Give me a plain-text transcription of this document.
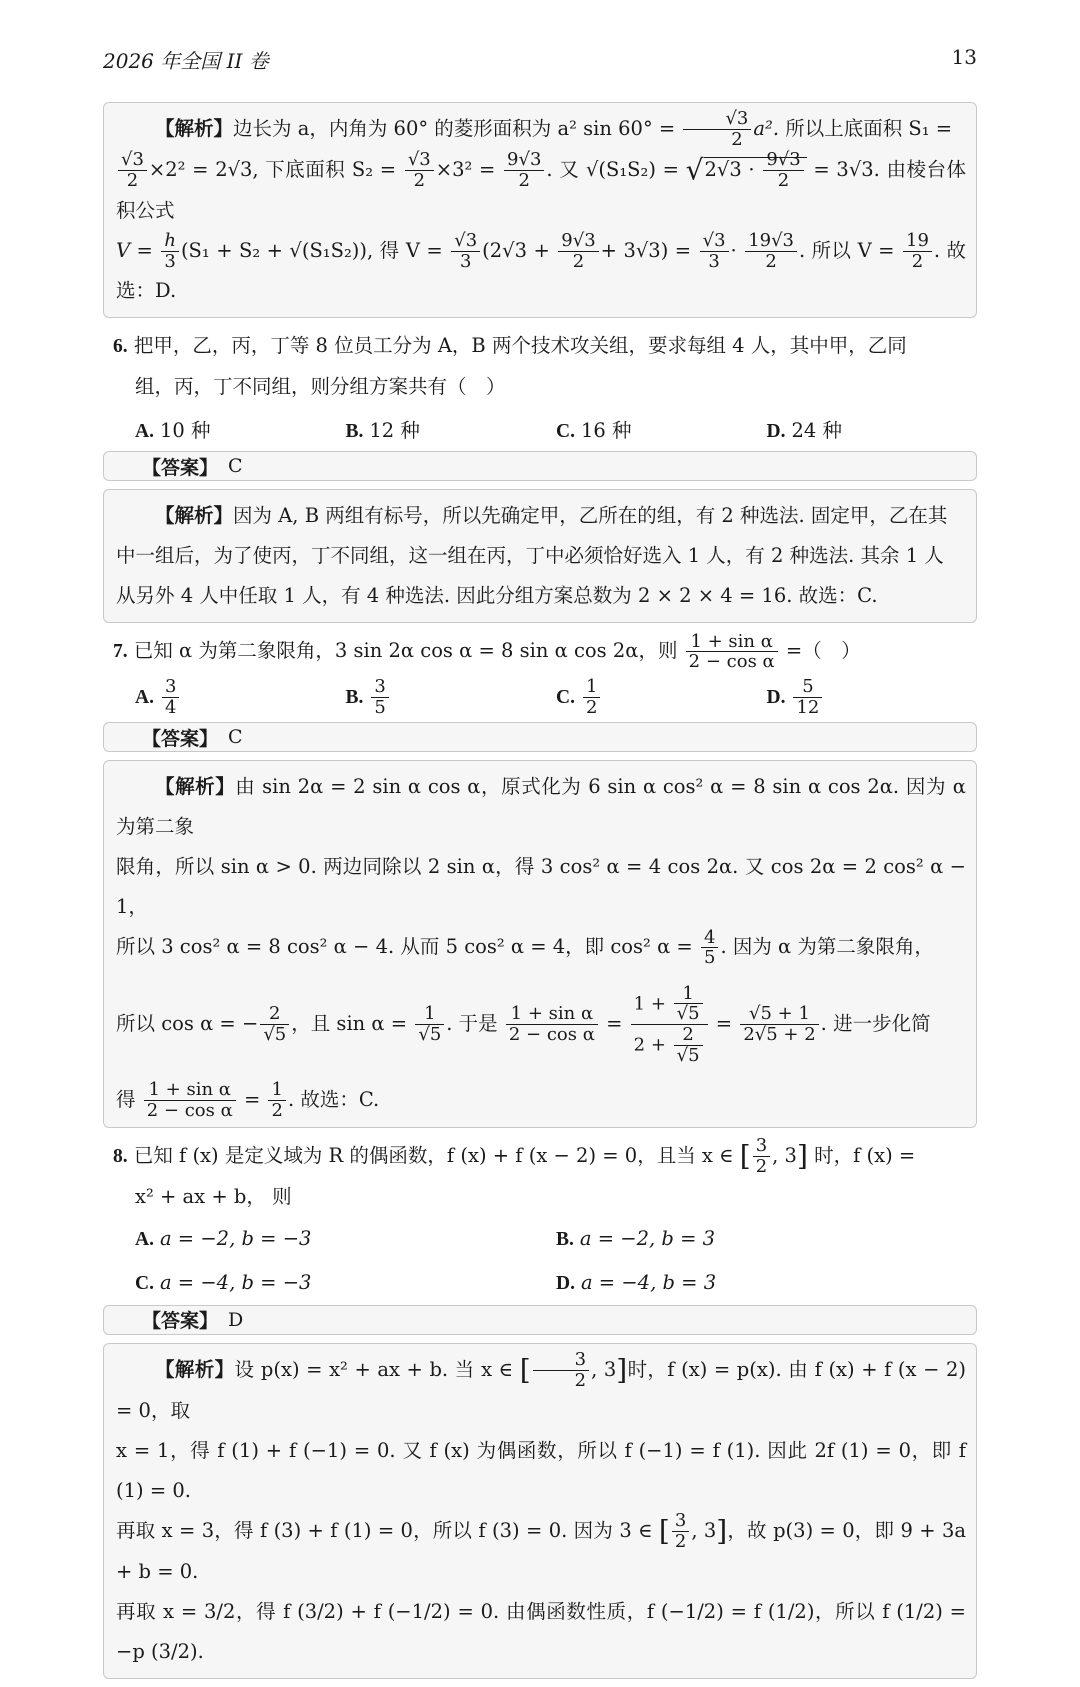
2026 年全国 II 卷	13
【解析】边长为 a，内角为 60° 的菱形面积为 a² $\sin 60^\circ = \frac{√3}{2} a^2$. 所以上底面积 S₁ =
$\frac{√3}{2} \times 2^2 = 2√3$, 下底面积 $S_2 = \frac{√3}{2} \times 3^2 = \frac{9√3}{2}$ . 又 $√(S_1S_2) = √2√3 \cdot \frac{9√3}{2} = 3√3$. 由棱台体积公式
$V = \frac{h}{3} (S_1 + S_2 + √(S_1S_2))$, 得 $V = \frac{√3}{3} (2√3 + \frac{9√3}{2} + 3√3) = \frac{√3}{3} \cdot \frac{19√3}{2}$ . 所以 $V = \frac{19}{2}$ . 故选：D.
6. 把甲，乙，丙，丁等 8 位员工分为 A，B 两个技术攻关组，要求每组 4 人，其中甲，乙同
组，丙，丁不同组，则分组方案共有（　）
A. 10 种	B. 12 种	C. 16 种	D. 24 种
【答案】 C
【解析】因为 A, B 两组有标号，所以先确定甲，乙所在的组，有 2 种选法. 固定甲，乙在其
中一组后，为了使丙，丁不同组，这一组在丙，丁中必须恰好选入 1 人，有 2 种选法. 其余 1 人
从另外 4 人中任取 1 人，有 4 种选法. 因此分组方案总数为 2 × 2 × 4 = 16. 故选：C.
7. 已知 α 为第二象限角，3 sin 2α cos α = 8 sin α cos 2α，则 $\frac{\text{1 + sin α}}{\text{2 − cos α}}$ =（　）
A. $\frac{3}{4}$	B. $\frac{3}{5}$	C. $\frac{1}{2}$	D. $\frac{5}{12}$
【答案】 C
【解析】由 sin 2α = 2 sin α cos α，原式化为 6 sin α cos² α = 8 sin α cos 2α. 因为 α 为第二象
限角，所以 sin α > 0. 两边同除以 2 sin α，得 3 cos² α = 4 cos 2α. 又 cos 2α = 2 cos² α − 1，
所以 3 cos² α = 8 cos² α − 4. 从而 5 cos² α = 4，即 cos² $\alpha = \frac{4}{5}$ . 因为 α 为第二象限角，
所以 cos α = − $\frac{2}{√5}$ ，且 $\sin \alpha = \frac{1}{√5}$ . 于是 $\frac{\text{1 + sin α}}{\text{2 − cos α}} = \frac{1 + \frac{1}{√5}}{2 + \frac{2}{√5}} = \frac{√5 + 1}{2√5 + 2}$ . 进一步化简
得 $\frac{\text{1 + sin α}}{\text{2 − cos α}} = \frac{1}{2}$ . 故选：C.
8. 已知 f (x) 是定义域为 R 的偶函数，f (x) + f (x − 2) = 0，且当 x ∈ [ $\frac{3}{2}$ , 3] 时，f (x) =
x² + ax + b， 则
A. a = −2, b = −3	B. a = −2, b = 3
C. a = −4, b = −3	D. a = −4, b = 3
【答案】 D
【解析】设 p(x) = x² + ax + b. 当 x ∈ [ $\frac{3}{2}$ , 3]时，f (x) = p(x). 由 f (x) + f (x − 2) = 0，取
x = 1，得 f (1) + f (−1) = 0. 又 f (x) 为偶函数，所以 f (−1) = f (1). 因此 2f (1) = 0，即 f (1) = 0.
再取 x = 3，得 f (3) + f (1) = 0，所以 f (3) = 0. 因为 3 ∈ [ $\frac{3}{2}$ , 3]，故 p(3) = 0，即 9 + 3a + b = 0.
再取 x = 3/2，得 f (3/2) + f (−1/2) = 0. 由偶函数性质，f (−1/2) = f (1/2)，所以 f (1/2) = −p (3/2).
